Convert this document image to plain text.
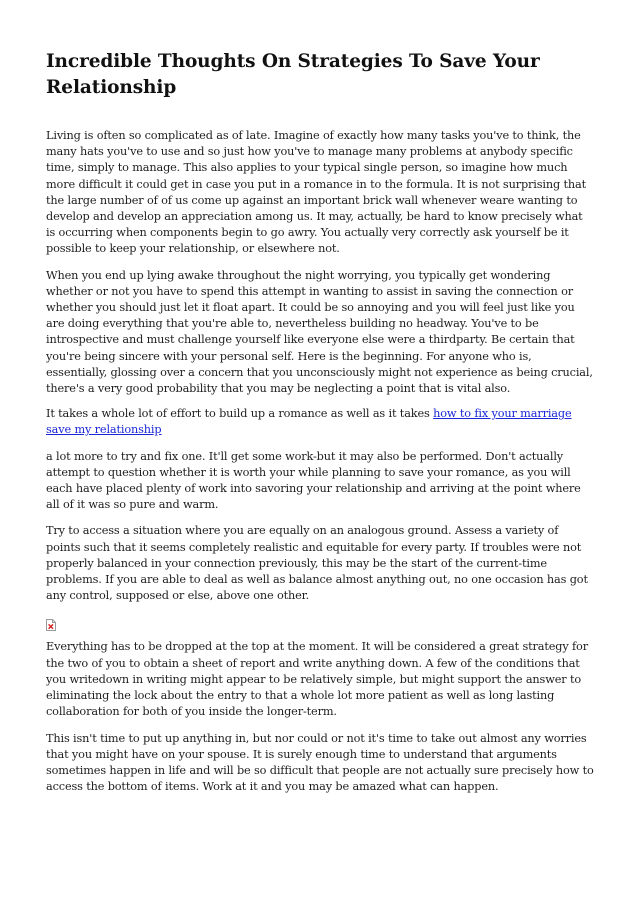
Incredible Thoughts On Strategies To Save Your Relationship

Living is often so complicated as of late. Imagine of exactly how many tasks you've to think, the many hats you've to use and so just how you've to manage many problems at anybody specific time, simply to manage. This also applies to your typical single person, so imagine how much more difficult it could get in case you put in a romance in to the formula. It is not surprising that the large number of of us come up against an important brick wall whenever weare wanting to develop and develop an appreciation among us. It may, actually, be hard to know precisely what is occurring when components begin to go awry. You actually very correctly ask yourself be it possible to keep your relationship, or elsewhere not.

When you end up lying awake throughout the night worrying, you typically get wondering whether or not you have to spend this attempt in wanting to assist in saving the connection or whether you should just let it float apart. It could be so annoying and you will feel just like you are doing everything that you're able to, nevertheless building no headway. You've to be introspective and must challenge yourself like everyone else were a thirdparty. Be certain that you're being sincere with your personal self. Here is the beginning. For anyone who is, essentially, glossing over a concern that you unconsciously might not experience as being crucial, there's a very good probability that you may be neglecting a point that is vital also.

It takes a whole lot of effort to build up a romance as well as it takes how to fix your marriage save my relationship

a lot more to try and fix one. It'll get some work-but it may also be performed. Don't actually attempt to question whether it is worth your while planning to save your romance, as you will each have placed plenty of work into savoring your relationship and arriving at the point where all of it was so pure and warm.

Try to access a situation where you are equally on an analogous ground. Assess a variety of points such that it seems completely realistic and equitable for every party. If troubles were not properly balanced in your connection previously, this may be the start of the current-time problems. If you are able to deal as well as balance almost anything out, no one occasion has got any control, supposed or else, above one other.

Everything has to be dropped at the top at the moment. It will be considered a great strategy for the two of you to obtain a sheet of report and write anything down. A few of the conditions that you writedown in writing might appear to be relatively simple, but might support the answer to eliminating the lock about the entry to that a whole lot more patient as well as long lasting collaboration for both of you inside the longer-term.

This isn't time to put up anything in, but nor could or not it's time to take out almost any worries that you might have on your spouse. It is surely enough time to understand that arguments sometimes happen in life and will be so difficult that people are not actually sure precisely how to access the bottom of items. Work at it and you may be amazed what can happen.
